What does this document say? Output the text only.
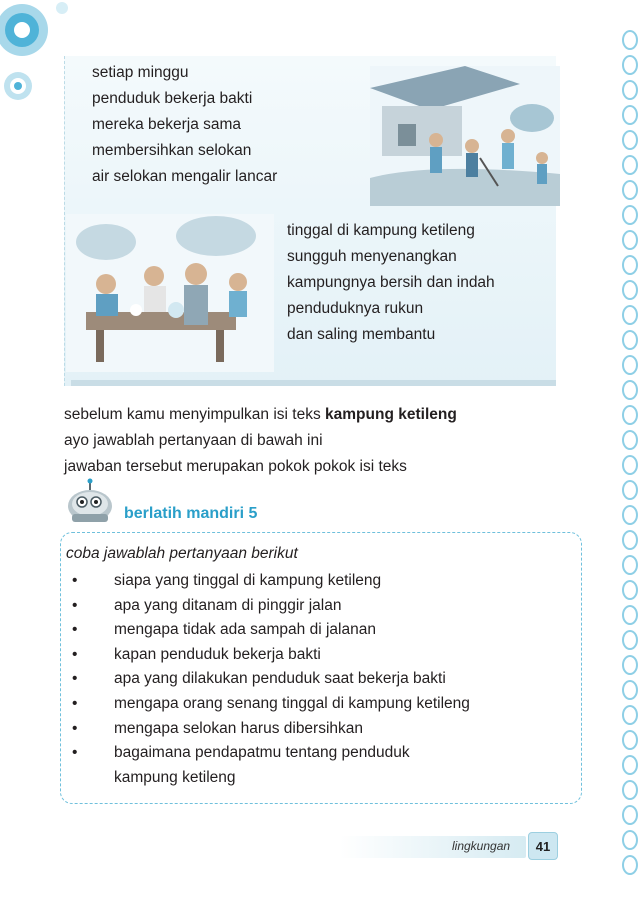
setiap minggu
penduduk bekerja bakti
mereka bekerja sama
membersihkan selokan
air selokan mengalir lancar
tinggal di kampung ketileng
sungguh menyenangkan
kampungnya bersih dan indah
penduduknya rukun
dan saling membantu
sebelum kamu menyimpulkan isi teks kampung ketileng
ayo jawablah pertanyaan di bawah ini
jawaban tersebut merupakan pokok pokok isi teks
berlatih mandiri 5
coba jawablah pertanyaan berikut
• siapa yang tinggal di kampung ketileng
• apa yang ditanam di pinggir jalan
• mengapa tidak ada sampah di jalanan
• kapan penduduk bekerja bakti
• apa yang dilakukan penduduk saat bekerja bakti
• mengapa orang senang tinggal di kampung ketileng
• mengapa selokan harus dibersihkan
• bagaimana pendapatmu tentang penduduk
kampung ketileng
lingkungan	41
